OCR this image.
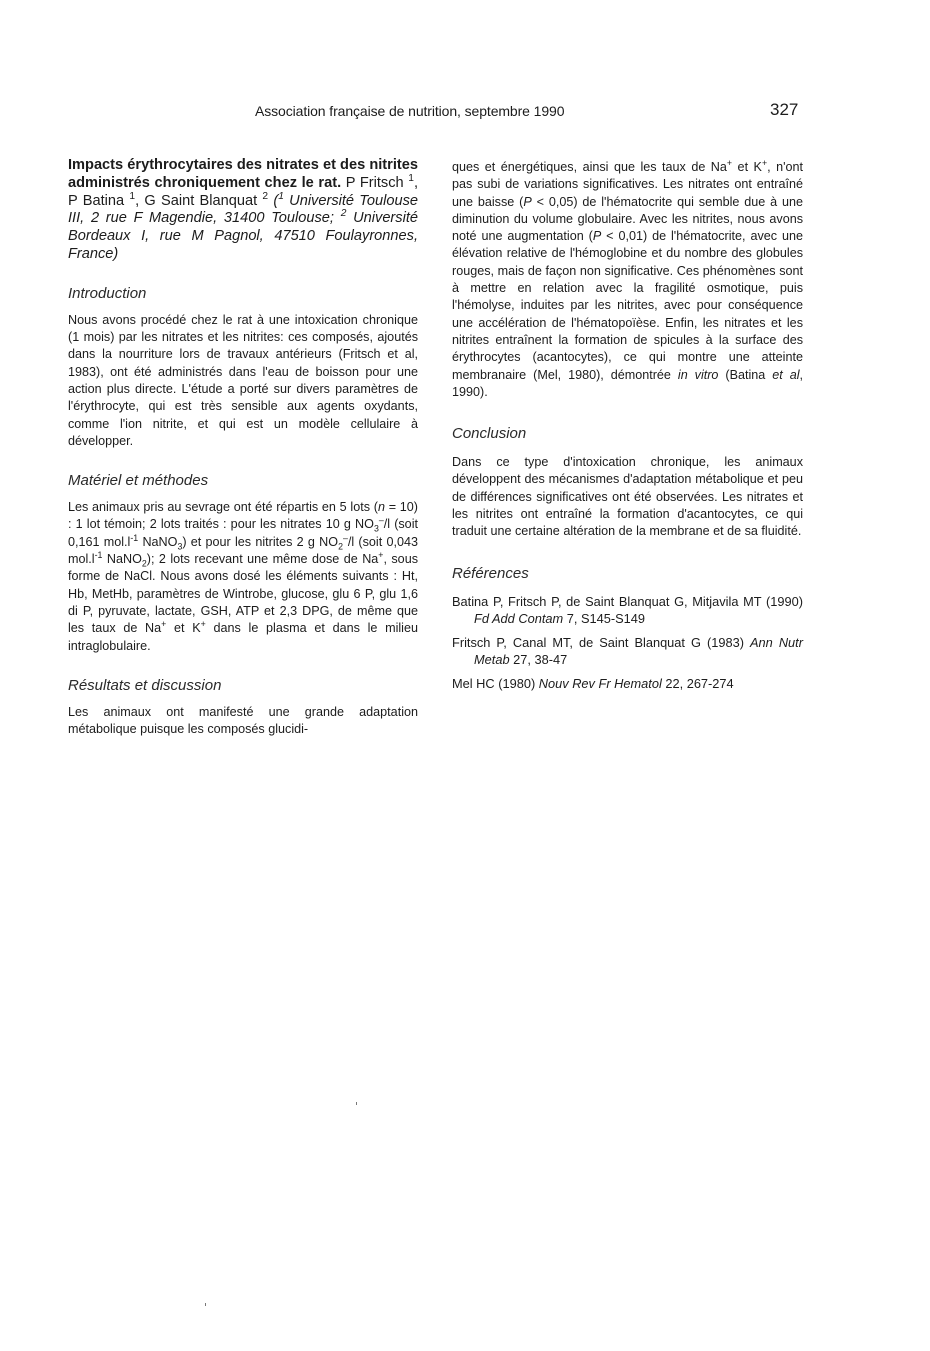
Association française de nutrition, septembre 1990	327

Impacts érythrocytaires des nitrates et des nitrites administrés chroniquement chez le rat. P Fritsch $^1$, P Batina $^1$, G Saint Blanquat $^2$ ($^1$ Université Toulouse III, 2 rue F Magendie, 31400 Toulouse; $^2$ Université Bordeaux I, rue M Pagnol, 47510 Foulayronnes, France)

Introduction

Nous avons procédé chez le rat à une intoxication chronique (1 mois) par les nitrates et les nitrites: ces composés, ajoutés dans la nourriture lors de travaux antérieurs (Fritsch et al, 1983), ont été administrés dans l'eau de boisson pour une action plus directe. L'étude a porté sur divers paramètres de l'érythrocyte, qui est très sensible aux agents oxydants, comme l'ion nitrite, et qui est un modèle cellulaire à développer.

Matériel et méthodes

Les animaux pris au sevrage ont été répartis en 5 lots (n = 10) : 1 lot témoin; 2 lots traités : pour les nitrates 10 g $NO_3^-/l$ (soit 0,161 $mol.l^{-1}$ NaNO$_3$) et pour les nitrites 2 g $NO_2^-/l$ (soit 0,043 $mol.l^{-1}$ NaNO$_2$); 2 lots recevant une même dose de Na+, sous forme de NaCl. Nous avons dosé les éléments suivants : Ht, Hb, MetHb, paramètres de Wintrobe, glucose, glu 6 P, glu 1,6 di P, pyruvate, lactate, GSH, ATP et 2,3 DPG, de même que les taux de Na+ et K+ dans le plasma et dans le milieu intraglobulaire.

Résultats et discussion

Les animaux ont manifesté une grande adaptation métabolique puisque les composés glucidi-

ques et énergétiques, ainsi que les taux de Na+ et K+, n'ont pas subi de variations significatives. Les nitrates ont entraîné une baisse (P < 0,05) de l'hématocrite qui semble due à une diminution du volume globulaire. Avec les nitrites, nous avons noté une augmentation (P < 0,01) de l'hématocrite, avec une élévation relative de l'hémoglobine et du nombre des globules rouges, mais de façon non significative. Ces phénomènes sont à mettre en relation avec la fragilité osmotique, puis l'hémolyse, induites par les nitrites, avec pour conséquence une accélération de l'hématopoïèse. Enfin, les nitrates et les nitrites entraînent la formation de spicules à la surface des érythrocytes (acantocytes), ce qui montre une atteinte membranaire (Mel, 1980), démontrée in vitro (Batina et al, 1990).

Conclusion

Dans ce type d'intoxication chronique, les animaux développent des mécanismes d'adaptation métabolique et peu de différences significatives ont été observées. Les nitrates et les nitrites ont entraîné la formation d'acantocytes, ce qui traduit une certaine altération de la membrane et de sa fluidité.

Références

Batina P, Fritsch P, de Saint Blanquat G, Mitjavila MT (1990) Fd Add Contam 7, S145-S149

Fritsch P, Canal MT, de Saint Blanquat G (1983) Ann Nutr Metab 27, 38-47

Mel HC (1980) Nouv Rev Fr Hematol 22, 267-274
